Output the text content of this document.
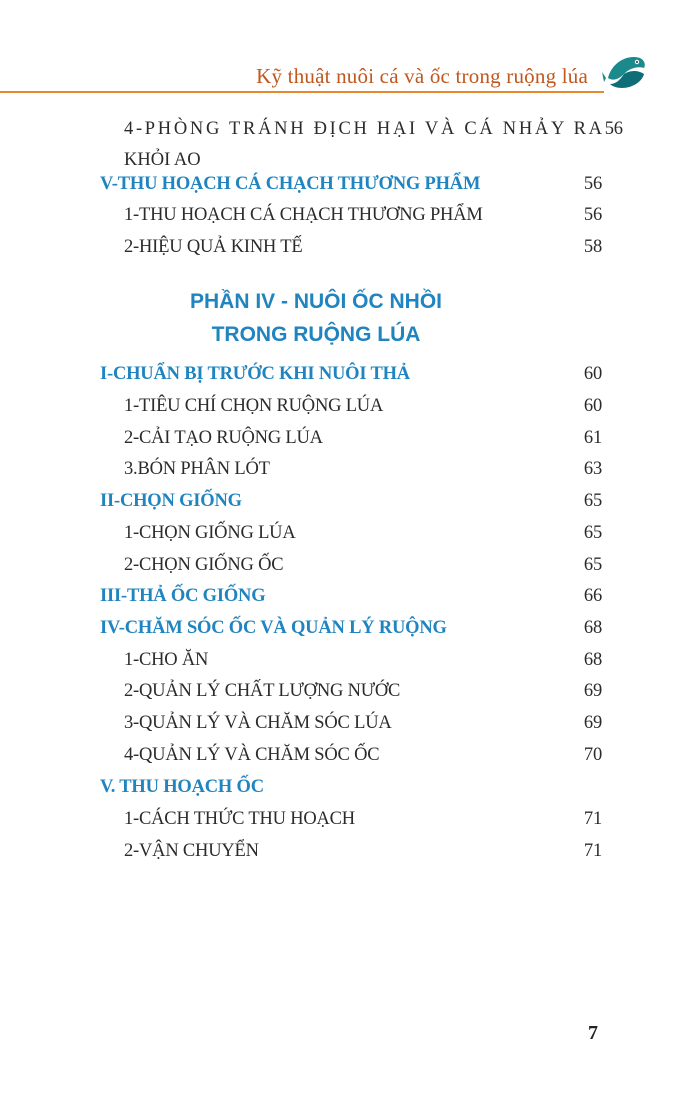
Kỹ thuật nuôi cá và ốc trong ruộng lúa
4-PHÒNG TRÁNH ĐỊCH HẠI VÀ CÁ NHẢY RA 56
KHỎI AO
V-THU HOẠCH CÁ CHẠCH THƯƠNG PHẨM	56
1-THU HOẠCH CÁ CHẠCH THƯƠNG PHẨM	56
2-HIỆU QUẢ KINH TẾ	58
PHẦN IV - NUÔI ỐC NHỒI
TRONG RUỘNG LÚA
I-CHUẨN BỊ TRƯỚC KHI NUÔI THẢ	60
1-TIÊU CHÍ CHỌN RUỘNG LÚA	60
2-CẢI TẠO RUỘNG LÚA	61
3.BÓN PHÂN LÓT	63
II-CHỌN GIỐNG	65
1-CHỌN GIỐNG LÚA	65
2-CHỌN GIỐNG ỐC	65
III-THẢ ỐC GIỐNG	66
IV-CHĂM SÓC ỐC VÀ QUẢN LÝ RUỘNG	68
1-CHO ĂN	68
2-QUẢN LÝ CHẤT LƯỢNG NƯỚC	69
3-QUẢN LÝ VÀ CHĂM SÓC LÚA	69
4-QUẢN LÝ VÀ CHĂM SÓC ỐC	70
V. THU HOẠCH ỐC
1-CÁCH THỨC THU HOẠCH	71
2-VẬN CHUYỂN	71
7
